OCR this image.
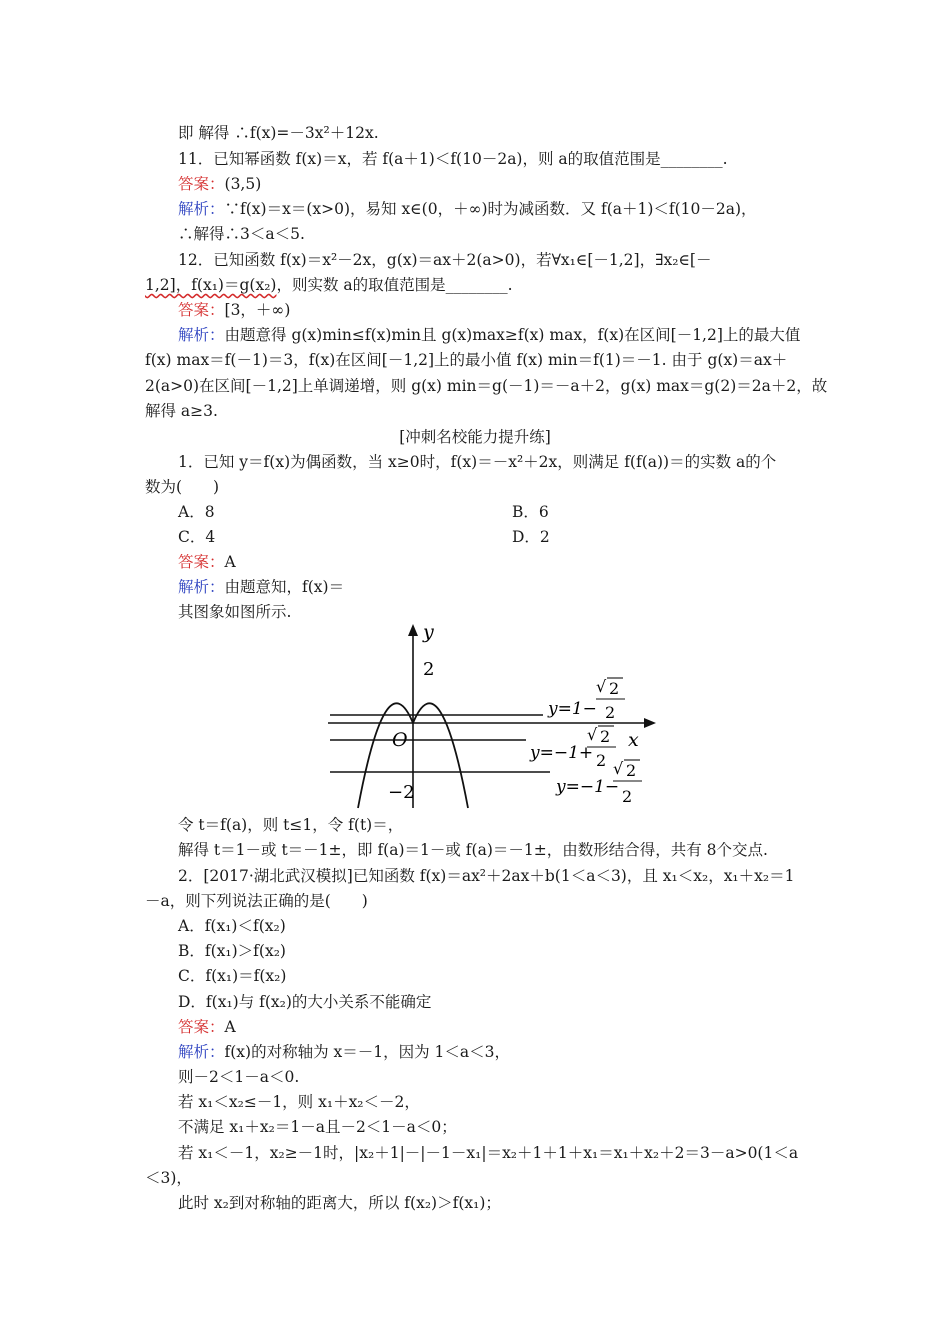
即 解得 ∴f(x)=－3x²＋12x.
11．已知幂函数 f(x)＝x，若 f(a＋1)＜f(10－2a)，则 a的取值范围是________.
答案：(3,5)
解析：∵f(x)＝x＝(x>0)，易知 x∈(0，＋∞)时为减函数．又 f(a＋1)＜f(10－2a)，
∴解得∴3＜a＜5.
12．已知函数 f(x)＝x²－2x，g(x)＝ax＋2(a>0)，若∀x₁∈[－1,2]，∃x₂∈[－
1,2]，f(x₁)＝g(x₂)，则实数 a的取值范围是________.
答案：[3，＋∞)
解析：由题意得 g(x)min≤f(x)min且 g(x)max≥f(x) max，f(x)在区间[－1,2]上的最大值
f(x) max＝f(－1)＝3，f(x)在区间[－1,2]上的最小值 f(x) min＝f(1)＝－1. 由于 g(x)＝ax＋
2(a>0)在区间[－1,2]上单调递增，则 g(x) min＝g(－1)＝－a＋2，g(x) max＝g(2)＝2a＋2，故
解得 a≥3.
[冲刺名校能力提升练]
1．已知 y＝f(x)为偶函数，当 x≥0时，f(x)＝－x²＋2x，则满足 f(f(a))＝的实数 a的个
数为(　　)
A．8	B．6
C．4	D．2
答案：A
解析：由题意知，f(x)＝
其图象如图所示.
y
x
O
2
−2
y=1−
√ 2
2
y=−1+
√ 2
2
y=−1−
√ 2
2
令 t＝f(a)，则 t≤1，令 f(t)＝，
解得 t＝1－或 t＝－1±，即 f(a)＝1－或 f(a)＝－1±，由数形结合得，共有 8个交点.
2．[2017·湖北武汉模拟]已知函数 f(x)＝ax²＋2ax＋b(1＜a＜3)，且 x₁＜x₂，x₁＋x₂＝1
－a，则下列说法正确的是(　　)
A．f(x₁)＜f(x₂)
B．f(x₁)＞f(x₂)
C．f(x₁)＝f(x₂)
D．f(x₁)与 f(x₂)的大小关系不能确定
答案：A
解析：f(x)的对称轴为 x＝－1，因为 1＜a＜3，
则－2＜1－a＜0.
若 x₁＜x₂≤－1，则 x₁＋x₂＜－2，
不满足 x₁＋x₂＝1－a且－2＜1－a＜0；
若 x₁＜－1，x₂≥－1时，|x₂＋1|－|－1－x₁|＝x₂＋1＋1＋x₁＝x₁＋x₂＋2＝3－a>0(1＜a
＜3)，
此时 x₂到对称轴的距离大，所以 f(x₂)＞f(x₁)；
